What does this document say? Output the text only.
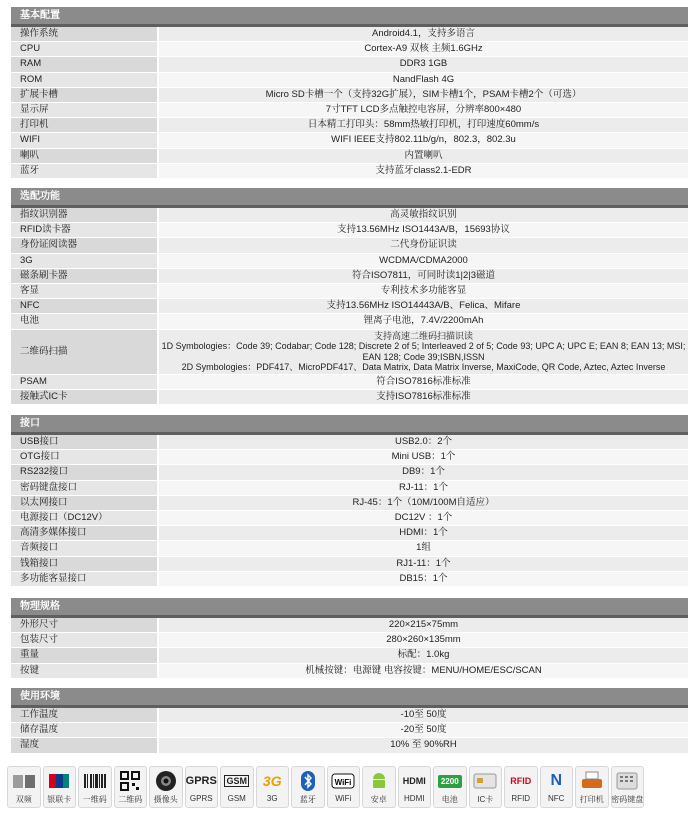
基本配置
操作系统	Android4.1，支持多语言
CPU	Cortex-A9 双核 主频1.6GHz
RAM	DDR3 1GB
ROM	NandFlash 4G
扩展卡槽	Micro SD卡槽一个（支持32G扩展），SIM卡槽1个，PSAM卡槽2个（可选）
显示屏	7寸TFT LCD多点触控电容屏，分辨率800×480
打印机	日本精工打印头：58mm热敏打印机，打印速度60mm/s
WIFI	WIFI IEEE支持802.11b/g/n，802.3，802.3u
喇叭	内置喇叭
蓝牙	支持蓝牙class2.1-EDR
选配功能
指纹识别器	高灵敏指纹识别
RFID读卡器	支持13.56MHz ISO1443A/B，15693协议
身份证阅读器	二代身份证识读
3G	WCDMA/CDMA2000
磁条刷卡器	符合ISO7811，可同时读1|2|3磁道
客显	专利技术多功能客显
NFC	支持13.56MHz ISO14443A/B、Felica、Mifare
电池	锂离子电池，7.4V/2200mAh
二维码扫描
支持高速二维码扫描识读
1D Symbologies：Code 39; Codabar; Code 128; Discrete 2 of 5; Interleaved 2 of 5; Code 93; UPC A; UPC E; EAN 8; EAN 13; MSI; EAN 128; Code 39;ISBN,ISSN
2D Symbologies：PDF417、MicroPDF417、Data Matrix, Data Matrix Inverse, MaxiCode, QR Code, Aztec, Aztec Inverse
PSAM	符合ISO7816标准标准
接触式IC卡	支持ISO7816标准标准
接口
USB接口	USB2.0：2个
OTG接口	Mini USB：1个
RS232接口	DB9：1个
密码键盘接口	RJ-11：1个
以太网接口	RJ-45：1个（10M/100M自适应）
电源接口（DC12V）	DC12V ：1个
高清多媒体接口	HDMI：1个
音频接口	1组
钱箱接口	RJ1-11：1个
多功能客显接口	DB15：1个
物理规格
外形尺寸	220×215×75mm
包装尺寸	280×260×135mm
重量	标配：1.0kg
按键	机械按键：电源键 电容按键：MENU/HOME/ESC/SCAN
使用环境
工作温度	-10至 50度
储存温度	-20至 50度
湿度	10% 至 90%RH
双频 银联卡 一维码 二维码 摄像头
GPRS
GPRS
GSM
GSM
3G
3G	蓝牙
WiFi
WiFi 安卓
HDMI
HDMI
2200
电池 IC卡
RFID
RFID
N
NFC 打印机 密码键盘
